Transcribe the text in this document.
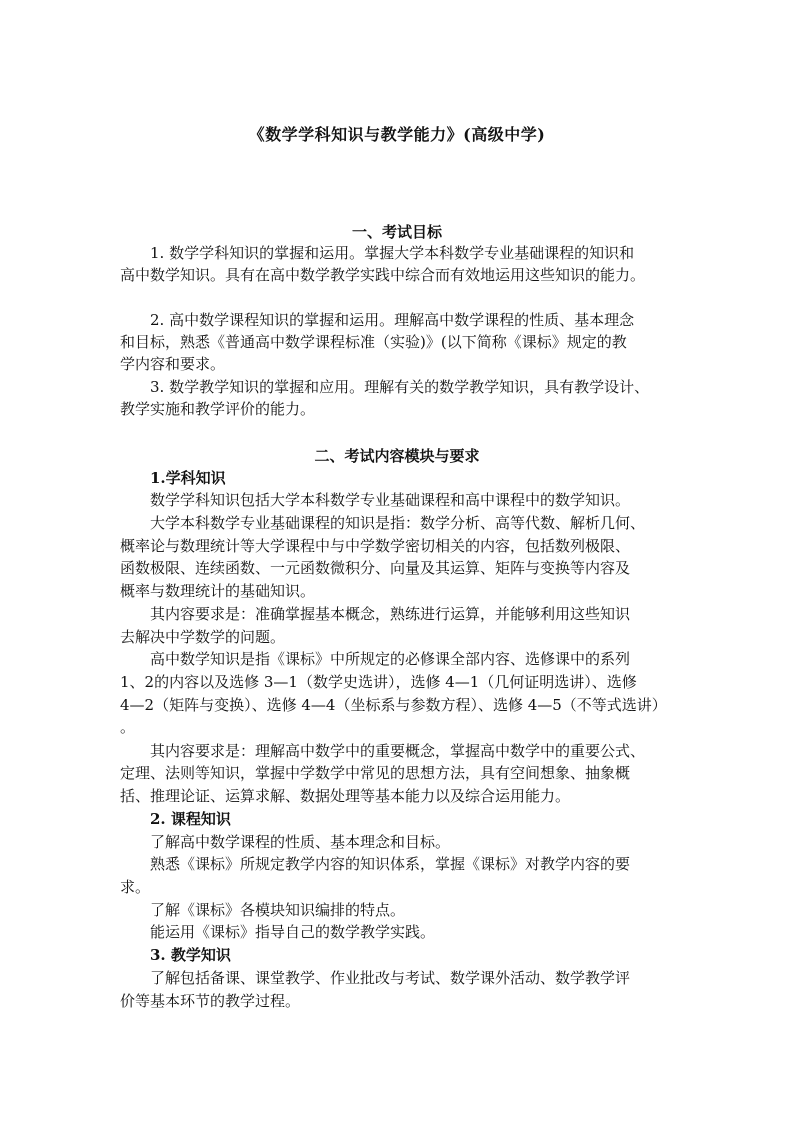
《数学学科知识与教学能力》(高级中学)
一、考试目标
1. 数学学科知识的掌握和运用。掌握大学本科数学专业基础课程的知识和
高中数学知识。具有在高中数学教学实践中综合而有效地运用这些知识的能力。
2. 高中数学课程知识的掌握和运用。理解高中数学课程的性质、基本理念
和目标，熟悉《普通高中数学课程标准（实验)》(以下简称《课标》规定的教
学内容和要求。
3. 数学教学知识的掌握和应用。理解有关的数学教学知识，具有教学设计、
教学实施和教学评价的能力。
二、考试内容模块与要求
1.学科知识
数学学科知识包括大学本科数学专业基础课程和高中课程中的数学知识。
大学本科数学专业基础课程的知识是指：数学分析、高等代数、解析几何、
概率论与数理统计等大学课程中与中学数学密切相关的内容，包括数列极限、
函数极限、连续函数、一元函数微积分、向量及其运算、矩阵与变换等内容及
概率与数理统计的基础知识。
其内容要求是：准确掌握基本概念，熟练进行运算，并能够利用这些知识
去解决中学数学的问题。
高中数学知识是指《课标》中所规定的必修课全部内容、选修课中的系列
1、2的内容以及选修 3—1（数学史选讲），选修 4—1（几何证明选讲）、选修
4—2（矩阵与变换）、选修 4—4（坐标系与参数方程）、选修 4—5（不等式选讲）
。
其内容要求是：理解高中数学中的重要概念，掌握高中数学中的重要公式、
定理、法则等知识，掌握中学数学中常见的思想方法，具有空间想象、抽象概
括、推理论证、运算求解、数据处理等基本能力以及综合运用能力。
2. 课程知识
了解高中数学课程的性质、基本理念和目标。
熟悉《课标》所规定教学内容的知识体系，掌握《课标》对教学内容的要
求。
了解《课标》各模块知识编排的特点。
能运用《课标》指导自己的数学教学实践。
3. 教学知识
了解包括备课、课堂教学、作业批改与考试、数学课外活动、数学教学评
价等基本环节的教学过程。
